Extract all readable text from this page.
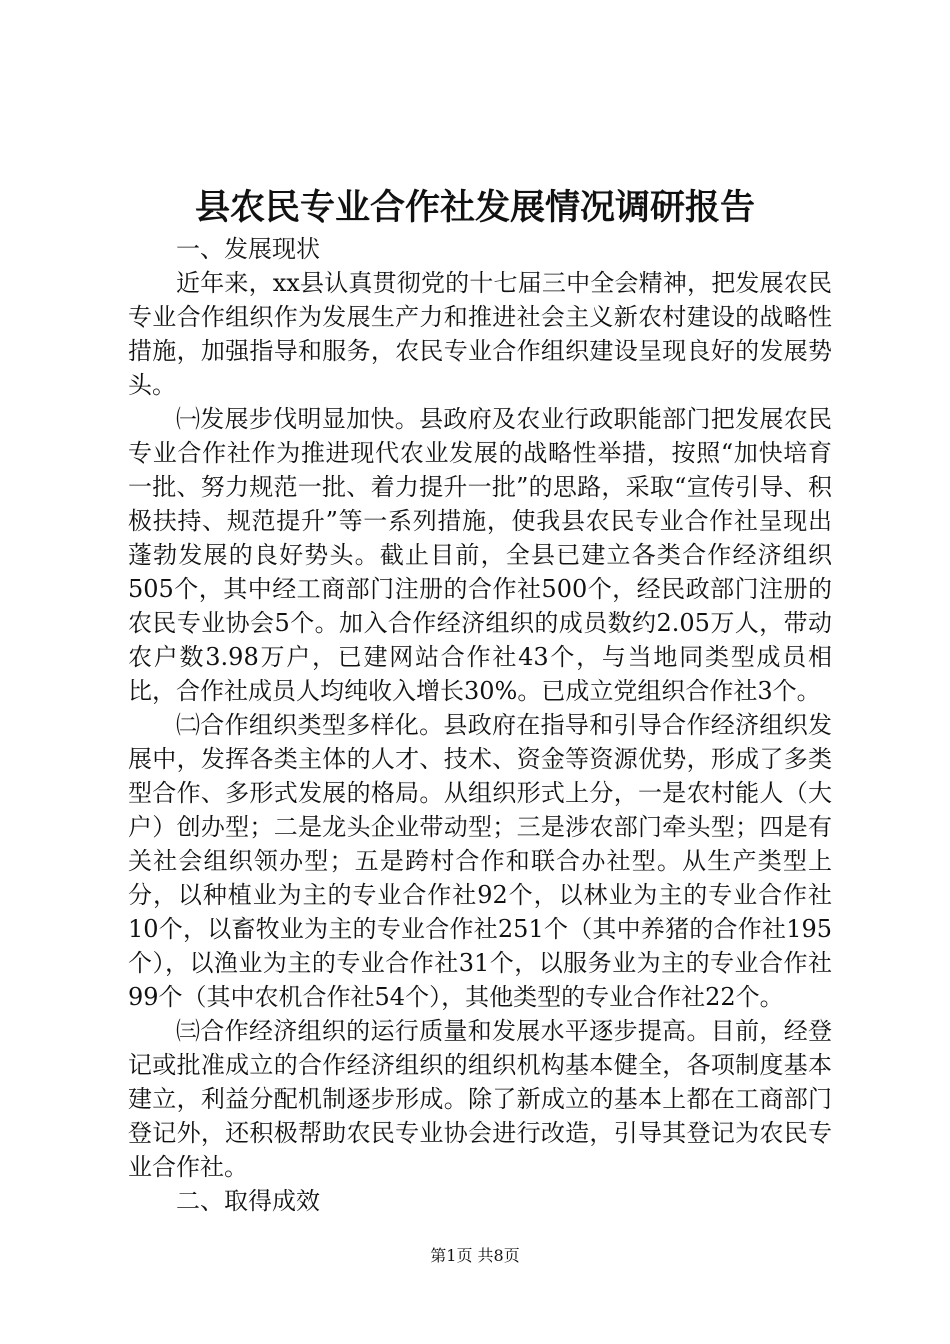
县农民专业合作社发展情况调研报告

一、发展现状

近年来，xx县认真贯彻党的十七届三中全会精神，把发展农民专业合作组织作为发展生产力和推进社会主义新农村建设的战略性措施，加强指导和服务，农民专业合作组织建设呈现良好的发展势头。

㈠发展步伐明显加快。县政府及农业行政职能部门把发展农民专业合作社作为推进现代农业发展的战略性举措，按照“加快培育一批、努力规范一批、着力提升一批”的思路，采取“宣传引导、积极扶持、规范提升”等一系列措施，使我县农民专业合作社呈现出蓬勃发展的良好势头。截止目前，全县已建立各类合作经济组织505个，其中经工商部门注册的合作社500个，经民政部门注册的农民专业协会5个。加入合作经济组织的成员数约2.05万人，带动农户数3.98万户，已建网站合作社43个，与当地同类型成员相比，合作社成员人均纯收入增长30%。已成立党组织合作社3个。

㈡合作组织类型多样化。县政府在指导和引导合作经济组织发展中，发挥各类主体的人才、技术、资金等资源优势，形成了多类型合作、多形式发展的格局。从组织形式上分，一是农村能人（大户）创办型；二是龙头企业带动型；三是涉农部门牵头型；四是有关社会组织领办型；五是跨村合作和联合办社型。从生产类型上分，以种植业为主的专业合作社92个，以林业为主的专业合作社10个，以畜牧业为主的专业合作社251个（其中养猪的合作社195个），以渔业为主的专业合作社31个，以服务业为主的专业合作社99个（其中农机合作社54个），其他类型的专业合作社22个。

㈢合作经济组织的运行质量和发展水平逐步提高。目前，经登记或批准成立的合作经济组织的组织机构基本健全，各项制度基本建立，利益分配机制逐步形成。除了新成立的基本上都在工商部门登记外，还积极帮助农民专业协会进行改造，引导其登记为农民专业合作社。

二、取得成效

第1页 共8页
